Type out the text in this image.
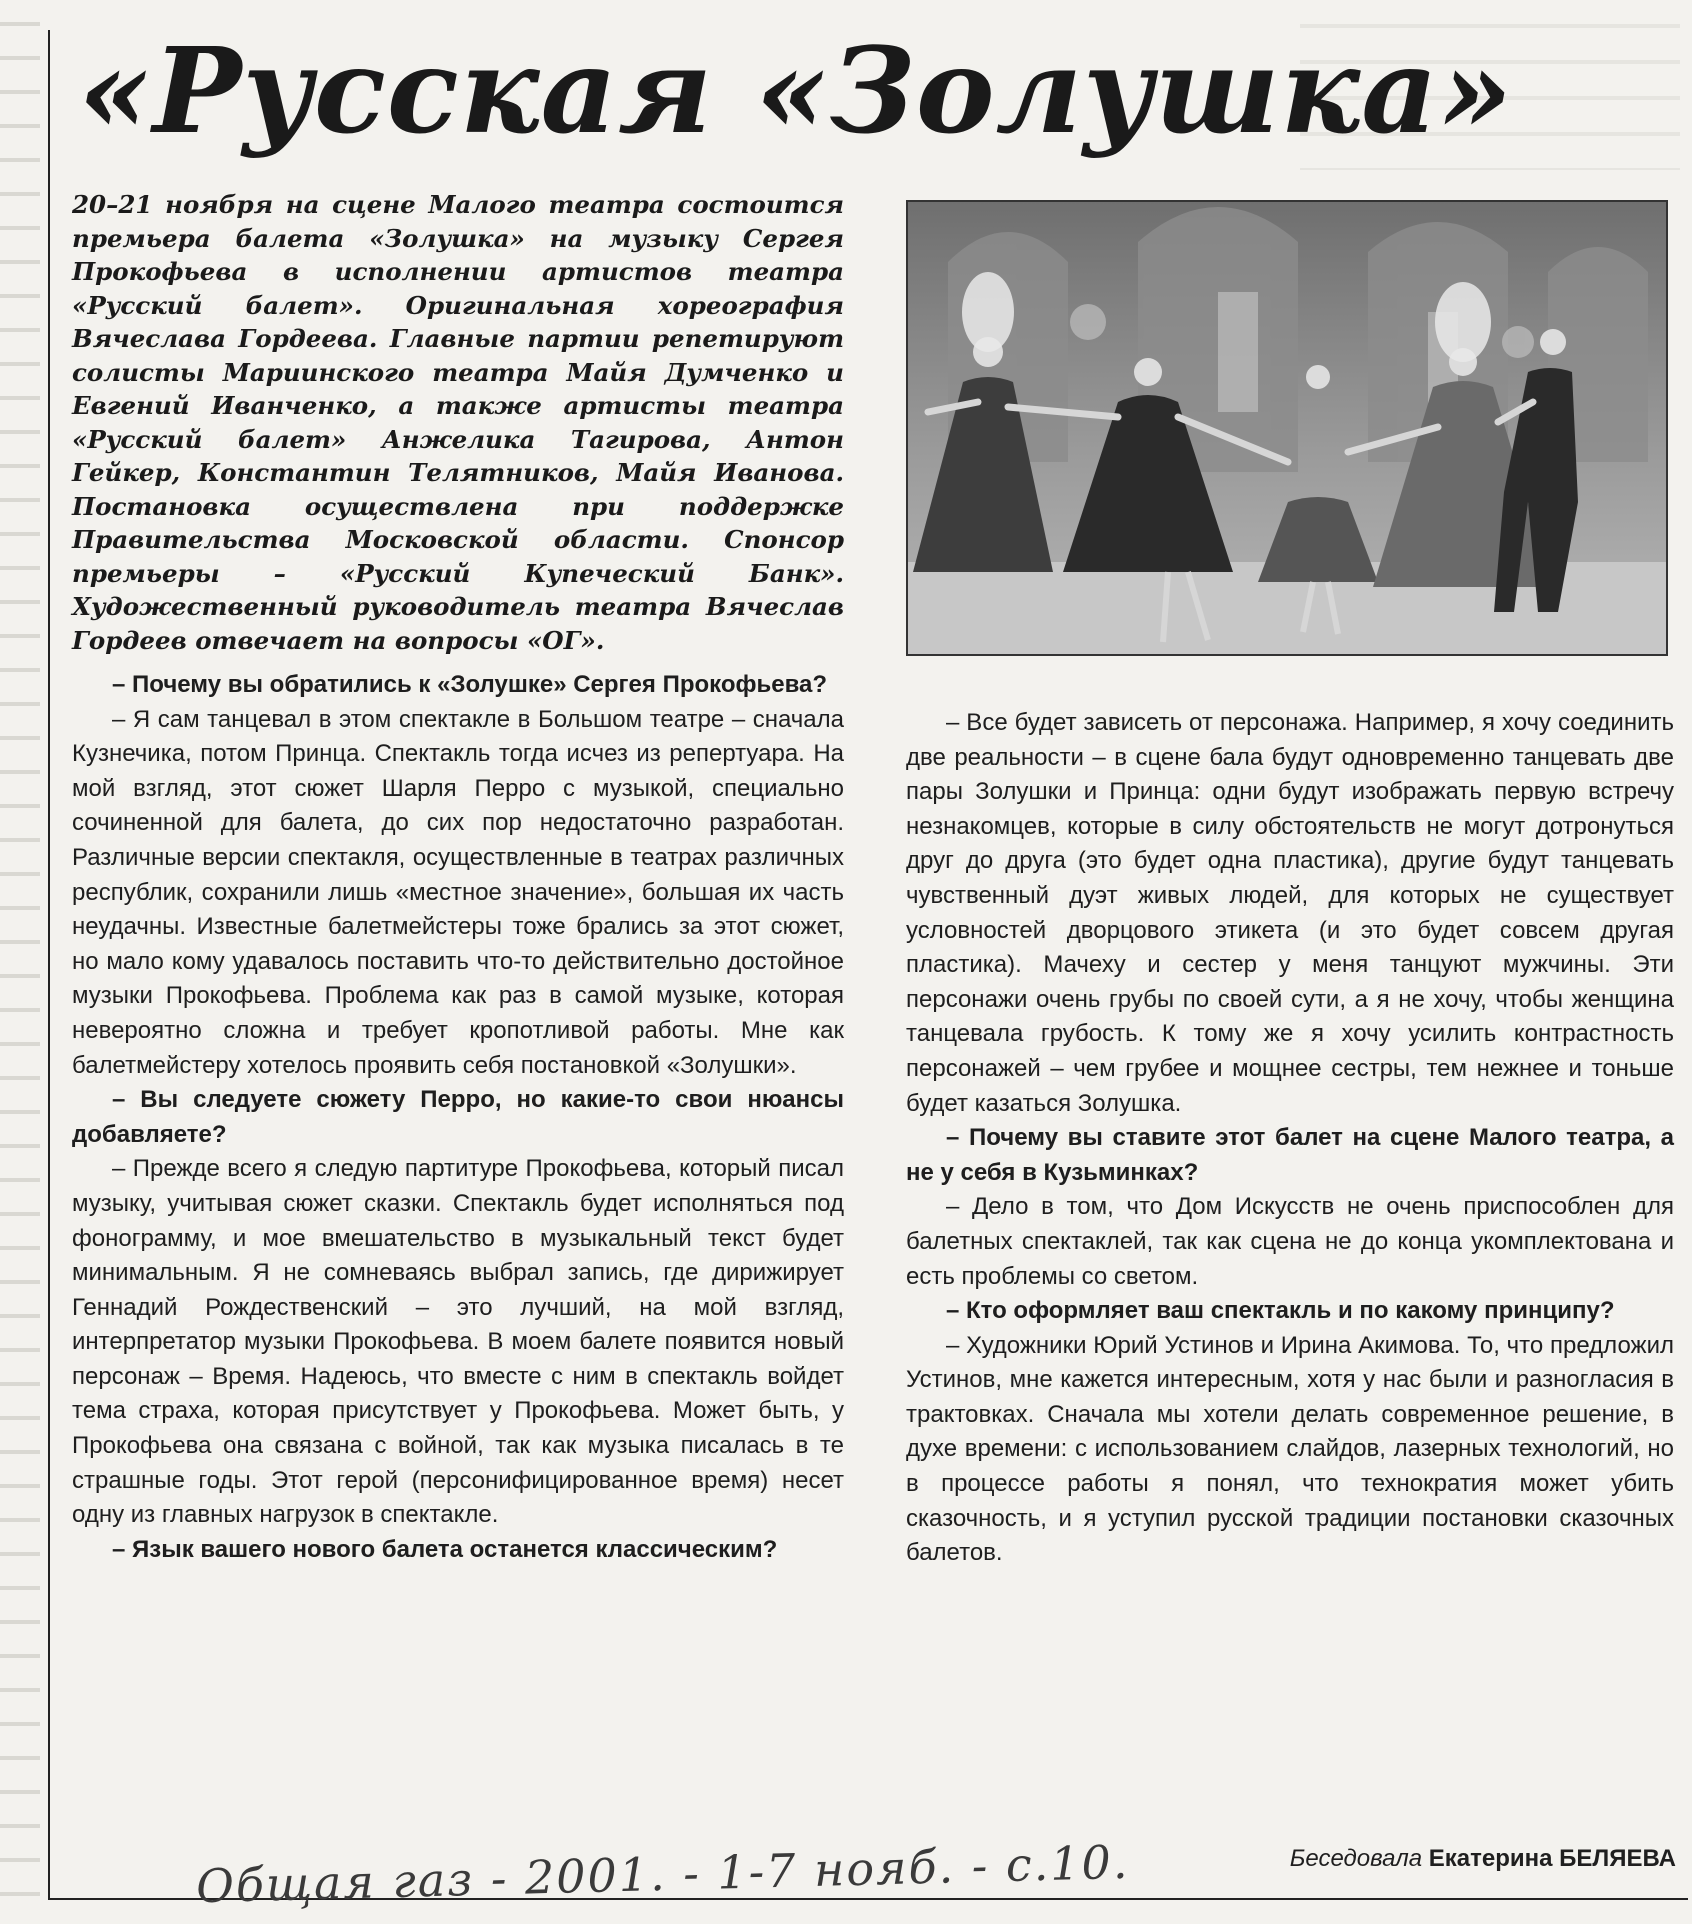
«Русская «Золушка»
20–21 ноября на сцене Малого театра состоится премьера балета «Золушка» на музыку Сергея Прокофьева в исполнении артистов театра «Русский балет». Оригинальная хореография Вячеслава Гордеева. Главные партии репетируют солисты Мариинского театра Майя Думченко и Евгений Иванченко, а также артисты театра «Русский балет» Анжелика Тагирова, Антон Гейкер, Константин Телятников, Майя Иванова. Постановка осуществлена при поддержке Правительства Московской области. Спонсор премьеры – «Русский Купеческий Банк». Художественный руководитель театра Вячеслав Гордеев отвечает на вопросы «ОГ».

– Почему вы обратились к «Золушке» Сергея Прокофьева?

– Я сам танцевал в этом спектакле в Большом театре – сначала Кузнечика, потом Принца. Спектакль тогда исчез из репертуара. На мой взгляд, этот сюжет Шарля Перро с музыкой, специально сочиненной для балета, до сих пор недостаточно разработан. Различные версии спектакля, осуществленные в театрах различных республик, сохранили лишь «местное значение», большая их часть неудачны. Известные балетмейстеры тоже брались за этот сюжет, но мало кому удавалось поставить что-то действительно достойное музыки Прокофьева. Проблема как раз в самой музыке, которая невероятно сложна и требует кропотливой работы. Мне как балетмейстеру хотелось проявить себя постановкой «Золушки».

– Вы следуете сюжету Перро, но какие-то свои нюансы добавляете?

– Прежде всего я следую партитуре Прокофьева, который писал музыку, учитывая сюжет сказки. Спектакль будет исполняться под фонограмму, и мое вмешательство в музыкальный текст будет минимальным. Я не сомневаясь выбрал запись, где дирижирует Геннадий Рождественский – это лучший, на мой взгляд, интерпретатор музыки Прокофьева. В моем балете появится новый персонаж – Время. Надеюсь, что вместе с ним в спектакль войдет тема страха, которая присутствует у Прокофьева. Может быть, у Прокофьева она связана с войной, так как музыка писалась в те страшные годы. Этот герой (персонифицированное время) несет одну из главных нагрузок в спектакле.

– Язык вашего нового балета останется классическим?

– Все будет зависеть от персонажа. Например, я хочу соединить две реальности – в сцене бала будут одновременно танцевать две пары Золушки и Принца: одни будут изображать первую встречу незнакомцев, которые в силу обстоятельств не могут дотронуться друг до друга (это будет одна пластика), другие будут танцевать чувственный дуэт живых людей, для которых не существует условностей дворцового этикета (и это будет совсем другая пластика). Мачеху и сестер у меня танцуют мужчины. Эти персонажи очень грубы по своей сути, а я не хочу, чтобы женщина танцевала грубость. К тому же я хочу усилить контрастность персонажей – чем грубее и мощнее сестры, тем нежнее и тоньше будет казаться Золушка.

– Почему вы ставите этот балет на сцене Малого театра, а не у себя в Кузьминках?

– Дело в том, что Дом Искусств не очень приспособлен для балетных спектаклей, так как сцена не до конца укомплектована и есть проблемы со светом.

– Кто оформляет ваш спектакль и по какому принципу?

– Художники Юрий Устинов и Ирина Акимова. То, что предложил Устинов, мне кажется интересным, хотя у нас были и разногласия в трактовках. Сначала мы хотели делать современное решение, в духе времени: с использованием слайдов, лазерных технологий, но в процессе работы я понял, что технократия может убить сказочность, и я уступил русской традиции постановки сказочных балетов.

Общая газ - 2001. - 1-7 нояб. - с.10.	Беседовала Екатерина БЕЛЯЕВА
